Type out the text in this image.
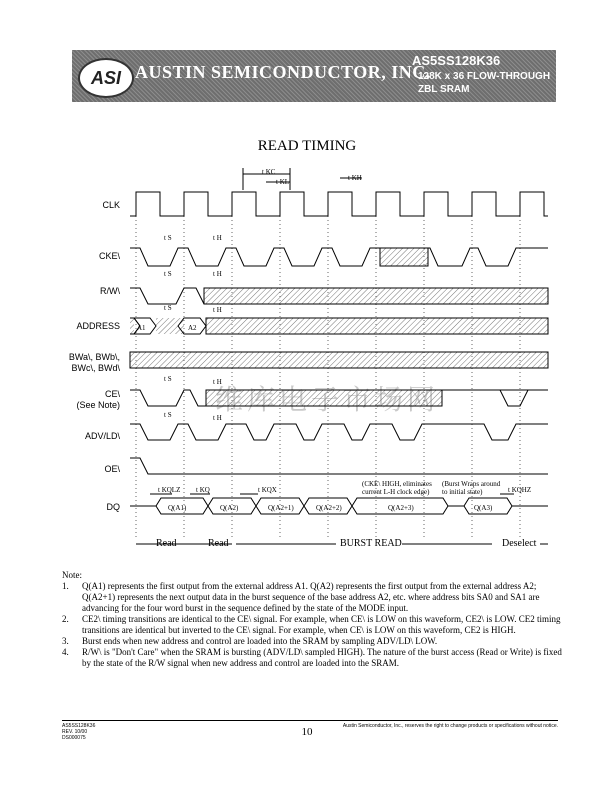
ASI AUSTIN SEMICONDUCTOR, INC.
AS5SS128K36
128K x 36 FLOW-THROUGH
ZBL SRAM
READ TIMING
CLK
CKE\
R/W\
ADDRESS
BWa\, BWb\,
BWc\, BWd\
CE\
(See Note)
ADV/LD\
OE\
DQ
t KC
t KL	t KH
t S	t H
t S	t H
t S	t H
t S	t H
t S	t H
t KQLZ t KQ	t KQX	t KQHZ
A1	A2
Q(A1)	Q(A2)	Q(A2+1)	Q(A2+2)	Q(A2+3)	Q(A3)
(CKE\ HIGH, eliminates current L-H clock edge)
(Burst Wraps around to initial state)
Read	Read	BURST READ	Deselect
Note:
1. Q(A1) represents the first output from the external address A1. Q(A2) represents the first output from the external address A2; Q(A2+1) represents the next output data in the burst sequence of the base address A2, etc. where address bits SA0 and SA1 are advancing for the four word burst in the sequence defined by the state of the MODE input.
2. CE2\ timing transitions are identical to the CE\ signal. For example, when CE\ is LOW on this waveform, CE2\ is LOW. CE2 timing transitions are identical but inverted to the CE\ signal. For example, when CE\ is LOW on this waveform, CE2 is HIGH.
3. Burst ends when new address and control are loaded into the SRAM by sampling ADV/LD\ LOW.
4. R/W\ is "Don't Care" when the SRAM is bursting (ADV/LD\ sampled HIGH). The nature of the burst access (Read or Write) is fixed by the state of the R/W signal when new address and control are loaded into the SRAM.
AS5SS128K36
REV. 10/00
DS000075	10	Austin Semiconductor, Inc., reserves the right to change products or specifications without notice.
